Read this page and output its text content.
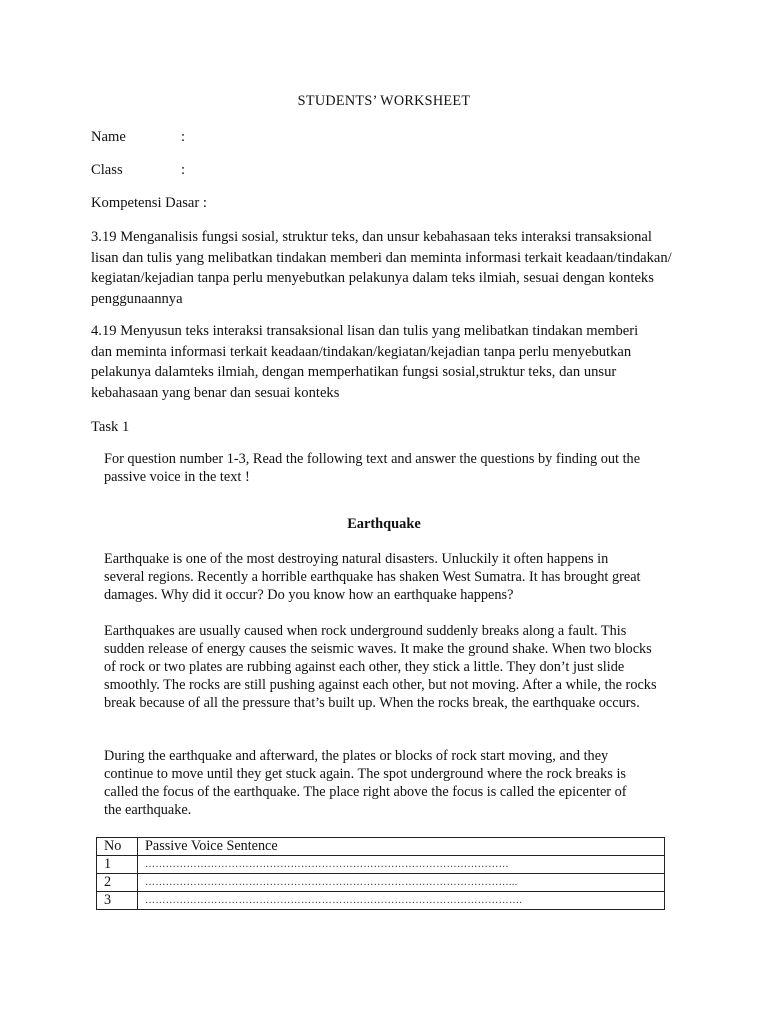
STUDENTS’ WORKSHEET
Name	:
Class	:
Kompetensi Dasar :

3.19 Menganalisis fungsi sosial, struktur teks, dan unsur kebahasaan teks interaksi transaksional lisan dan tulis yang melibatkan tindakan memberi dan meminta informasi terkait keadaan/tindakan/ kegiatan/kejadian tanpa perlu menyebutkan pelakunya dalam teks ilmiah, sesuai dengan konteks penggunaannya

4.19 Menyusun teks interaksi transaksional lisan dan tulis yang melibatkan tindakan memberi dan meminta informasi terkait keadaan/tindakan/kegiatan/kejadian tanpa perlu menyebutkan pelakunya dalamteks ilmiah, dengan memperhatikan fungsi sosial,struktur teks, dan unsur kebahasaan yang benar dan sesuai konteks

Task 1

For question number 1-3, Read the following text and answer the questions by finding out the passive voice in the text !

Earthquake

Earthquake is one of the most destroying natural disasters. Unluckily it often happens in several regions. Recently a horrible earthquake has shaken West Sumatra. It has brought great damages. Why did it occur? Do you know how an earthquake happens?

Earthquakes are usually caused when rock underground suddenly breaks along a fault. This sudden release of energy causes the seismic waves. It make the ground shake. When two blocks of rock or two plates are rubbing against each other, they stick a little. They don’t just slide smoothly. The rocks are still pushing against each other, but not moving. After a while, the rocks break because of all the pressure that’s built up. When the rocks break, the earthquake occurs.

During the earthquake and afterward, the plates or blocks of rock start moving, and they continue to move until they get stuck again. The spot underground where the rock breaks is called the focus of the earthquake. The place right above the focus is called the epicenter of the earthquake.

No	Passive Voice Sentence
1	……………………………………………………………………………………………
2	……………………………………………………………………………………………...
3	……………………………………………………………………………………………….
